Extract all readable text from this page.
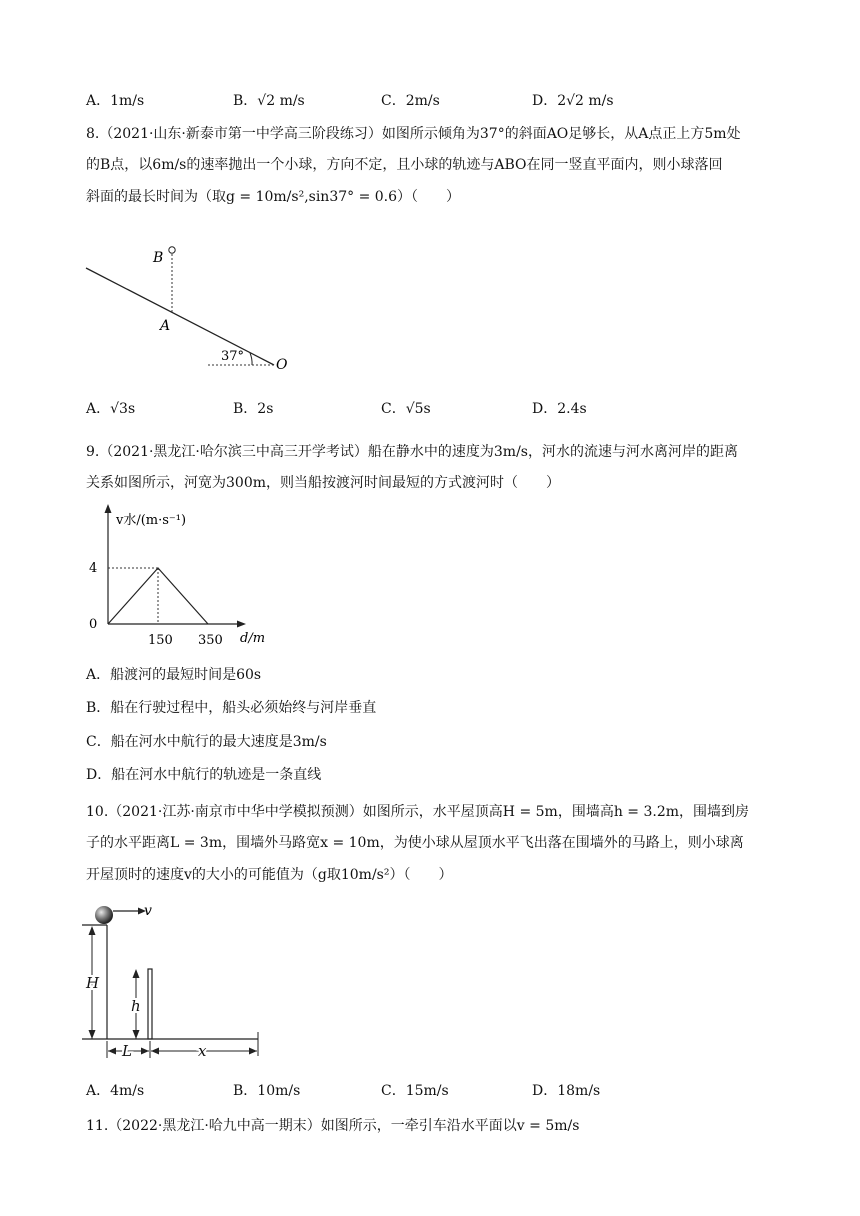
A．1m/s	B．√2 m/s	C．2m/s	D．2√2 m/s
8.（2021·山东·新泰市第一中学高三阶段练习）如图所示倾角为37°的斜面AO足够长，从A点正上方5m处
的B点，以6m/s的速率抛出一个小球，方向不定，且小球的轨迹与ABO在同一竖直平面内，则小球落回
斜面的最长时间为（取g = 10m/s²,sin37° = 0.6）（　　）
B
A
O
37°
A．√3s	B．2s	C．√5s	D．2.4s
9.（2021·黑龙江·哈尔滨三中高三开学考试）船在静水中的速度为3m/s，河水的流速与河水离河岸的距离
关系如图所示，河宽为300m，则当船按渡河时间最短的方式渡河时（　　）
v水/(m·s⁻¹)
0
4
150 350 d/m
A．船渡河的最短时间是60s
B．船在行驶过程中，船头必须始终与河岸垂直
C．船在河水中航行的最大速度是3m/s
D．船在河水中航行的轨迹是一条直线
10.（2021·江苏·南京市中华中学模拟预测）如图所示，水平屋顶高H = 5m，围墙高h = 3.2m，围墙到房
子的水平距离L = 3m，围墙外马路宽x = 10m，为使小球从屋顶水平飞出落在围墙外的马路上，则小球离
开屋顶时的速度v的大小的可能值为（g取10m/s²）（　　）
v
H
h
L	x
A．4m/s	B．10m/s	C．15m/s	D．18m/s
11.（2022·黑龙江·哈九中高一期末）如图所示，一牵引车沿水平面以v = 5m/s
